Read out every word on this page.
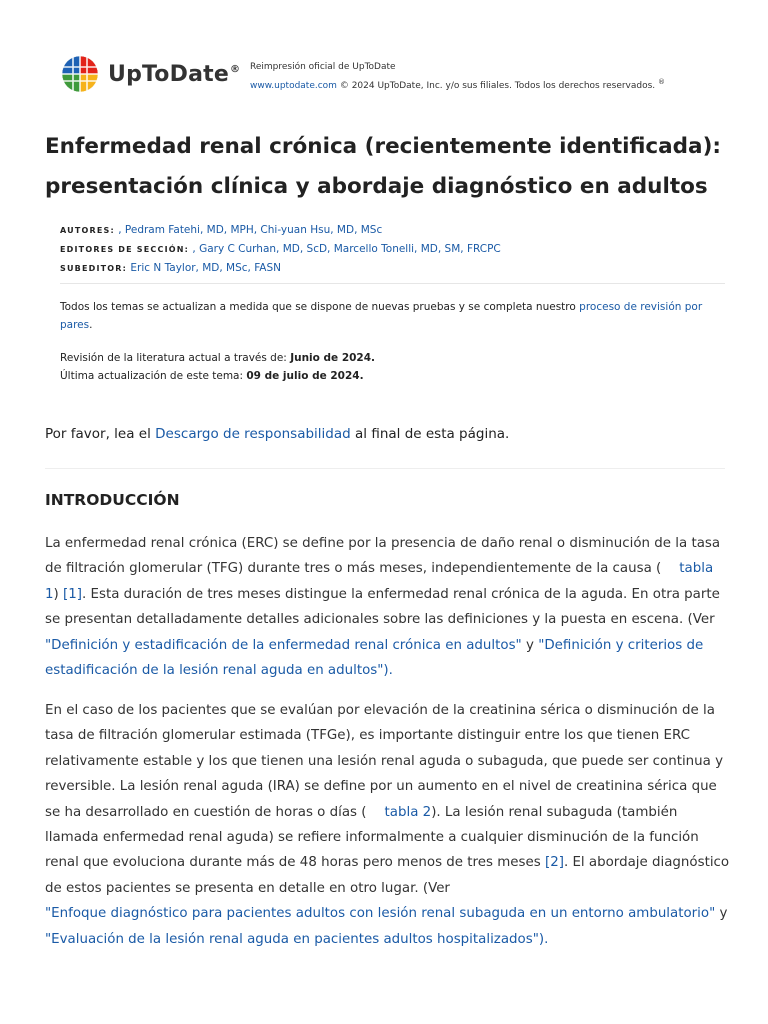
UpToDate® Reimpresión oficial de UpToDate
www.uptodate.com © 2024 UpToDate, Inc. y/o sus filiales. Todos los derechos reservados. ®
Enfermedad renal crónica (recientemente identificada): presentación clínica y abordaje diagnóstico en adultos
AUTORES: , Pedram Fatehi, MD, MPH, Chi-yuan Hsu, MD, MSc
EDITORES DE SECCIÓN: , Gary C Curhan, MD, ScD, Marcello Tonelli, MD, SM, FRCPC
SUBEDITOR: Eric N Taylor, MD, MSc, FASN
Todos los temas se actualizan a medida que se dispone de nuevas pruebas y se completa nuestro proceso de revisión por pares.
Revisión de la literatura actual a través de: Junio de 2024.
Última actualización de este tema: 09 de julio de 2024.
Por favor, lea el Descargo de responsabilidad al final de esta página.
INTRODUCCIÓN

La enfermedad renal crónica (ERC) se define por la presencia de daño renal o disminución de la tasa de filtración glomerular (TFG) durante tres o más meses, independientemente de la causa ( tabla 1) [1]. Esta duración de tres meses distingue la enfermedad renal crónica de la aguda. En otra parte se presentan detalladamente detalles adicionales sobre las definiciones y la puesta en escena. (Ver "Definición y estadificación de la enfermedad renal crónica en adultos" y "Definición y criterios de estadificación de la lesión renal aguda en adultos").

En el caso de los pacientes que se evalúan por elevación de la creatinina sérica o disminución de la tasa de filtración glomerular estimada (TFGe), es importante distinguir entre los que tienen ERC relativamente estable y los que tienen una lesión renal aguda o subaguda, que puede ser continua y reversible. La lesión renal aguda (IRA) se define por un aumento en el nivel de creatinina sérica que se ha desarrollado en cuestión de horas o días ( tabla 2). La lesión renal subaguda (también llamada enfermedad renal aguda) se refiere informalmente a cualquier disminución de la función renal que evoluciona durante más de 48 horas pero menos de tres meses [2]. El abordaje diagnóstico de estos pacientes se presenta en detalle en otro lugar. (Ver
"Enfoque diagnóstico para pacientes adultos con lesión renal subaguda en un entorno ambulatorio" y "Evaluación de la lesión renal aguda en pacientes adultos hospitalizados").
